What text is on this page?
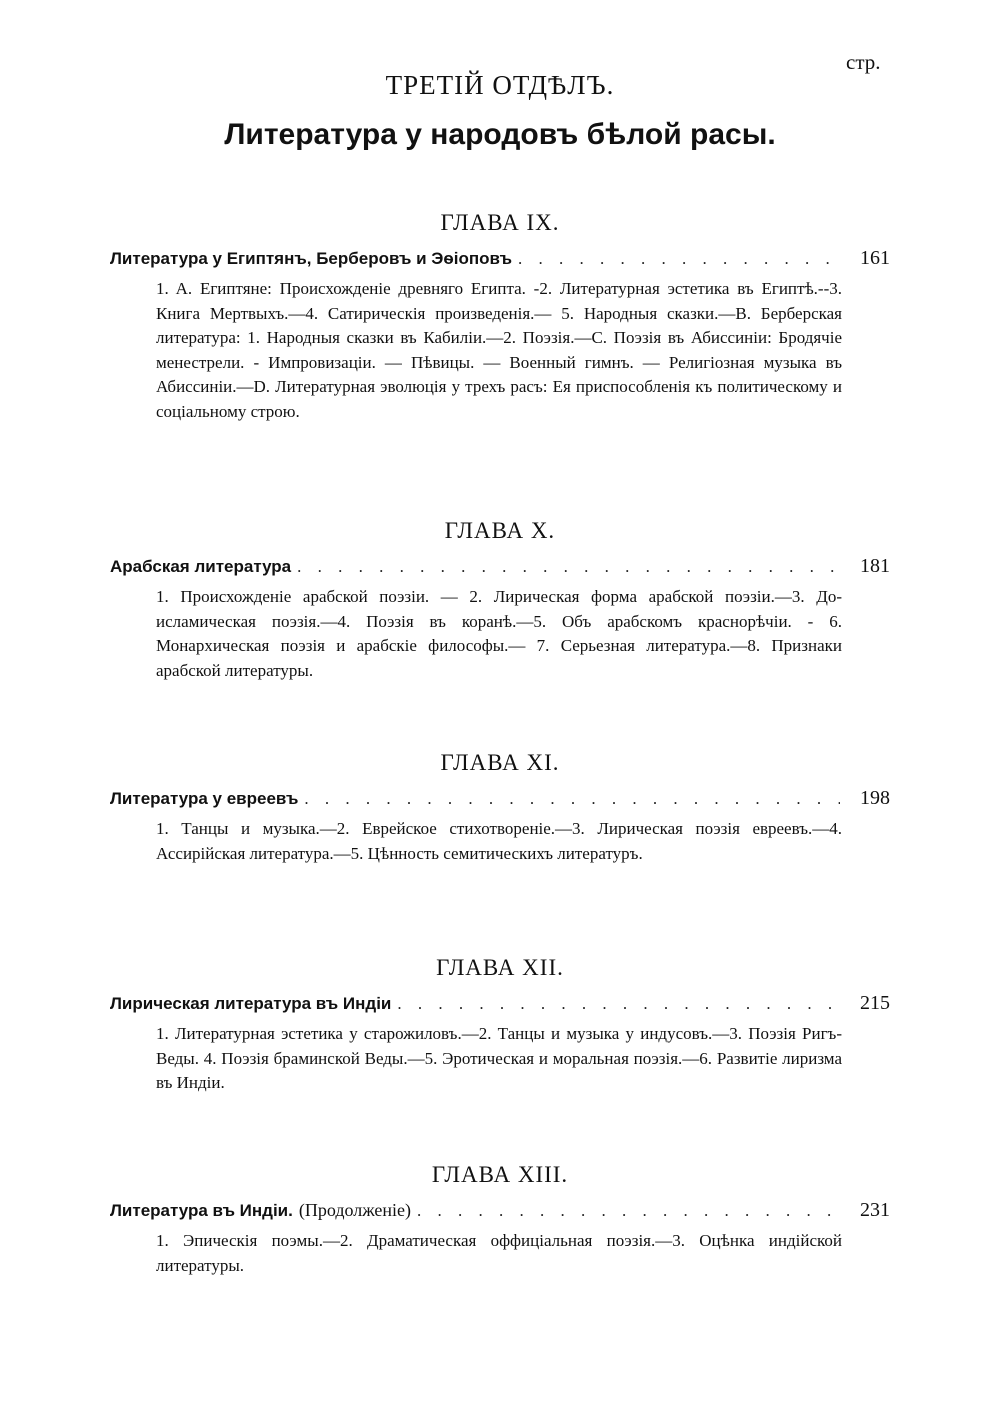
стр.
ТРЕТІЙ ОТДѢЛЪ.
Литература у народовъ бѣлой расы.
ГЛАВА IX.
Литература у Египтянъ, Берберовъ и Эѳіоповъ . . .	161
1. A. Египтяне: Происхожденіе древняго Египта. -2. Литературная эстетика въ Египтѣ.--3. Книга Мертвыхъ.—4. Сатирическія произведенія.— 5. Народныя сказки.—В. Берберская литература: 1. Народныя сказки въ Кабиліи.—2. Поэзія.—С. Поэзія въ Абиссиніи: Бродячіе менестрели. - Импровизаціи. — Пѣвицы. — Военный гимнъ. — Религіозная музыка въ Абиссиніи.—D. Литературная эволюція у трехъ расъ: Ея приспособленія къ политическому и соціальному строю.
ГЛАВА X.
Арабская литература . . .	181
1. Происхожденіе арабской поэзіи. — 2. Лирическая форма арабской поэзіи.—3. До-исламическая поэзія.—4. Поэзія въ коранѣ.—5. Объ арабскомъ краснорѣчіи. - 6. Монархическая поэзія и арабскіе философы.— 7. Серьезная литература.—8. Признаки арабской литературы.
ГЛАВА XI.
Литература у евреевъ . . .	198
1. Танцы и музыка.—2. Еврейское стихотвореніе.—3. Лирическая поэзія евреевъ.—4. Ассирійская литература.—5. Цѣнность семитическихъ литературъ.
ГЛАВА XII.
Лирическая литература въ Индіи . . .	215
1. Литературная эстетика у старожиловъ.—2. Танцы и музыка у индусовъ.—3. Поэзія Ригъ-Веды. 4. Поэзія браминской Веды.—5. Эротическая и моральная поэзія.—6. Развитіе лиризма въ Индіи.
ГЛАВА XIII.
Литература въ Индіи. (Продолженіе) . . .	231
1. Эпическія поэмы.—2. Драматическая оффиціальная поэзія.—3. Оцѣнка индійской литературы.
